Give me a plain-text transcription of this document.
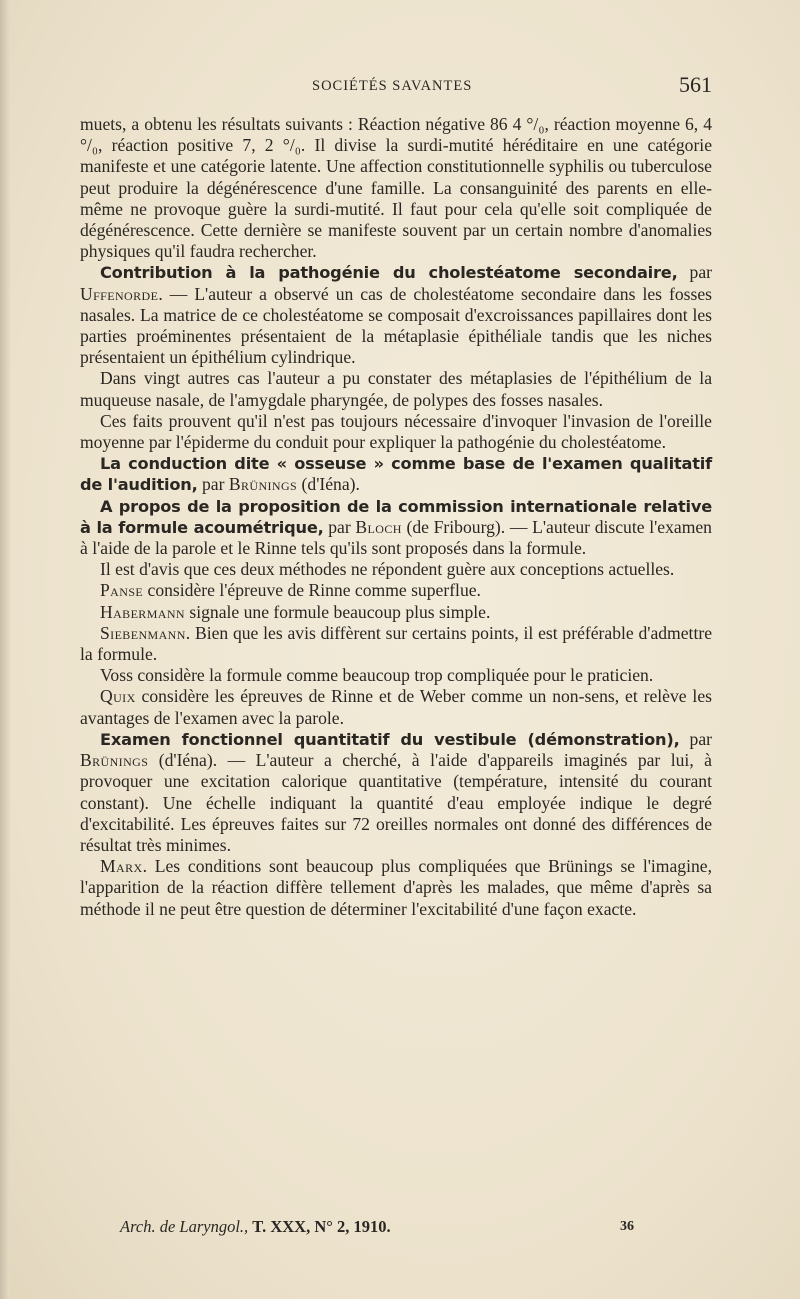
SOCIÉTÉS SAVANTES	561

muets, a obtenu les résultats suivants : Réaction négative 86 4 °/₀, réaction moyenne 6, 4 °/₀, réaction positive 7, 2 °/₀. Il divise la surdi-mutité héréditaire en une catégorie manifeste et une catégorie latente. Une affection constitutionnelle syphilis ou tuberculose peut produire la dégénérescence d'une famille. La consanguinité des parents en elle-même ne provoque guère la surdi-mutité. Il faut pour cela qu'elle soit compliquée de dégénérescence. Cette dernière se manifeste souvent par un certain nombre d'anomalies physiques qu'il faudra rechercher.

Contribution à la pathogénie du cholestéatome secondaire, par Uffenorde. — L'auteur a observé un cas de cholestéatome secondaire dans les fosses nasales. La matrice de ce cholestéatome se composait d'excroissances papillaires dont les parties proéminentes présentaient de la métaplasie épithéliale tandis que les niches présentaient un épithélium cylindrique.

Dans vingt autres cas l'auteur a pu constater des métaplasies de l'épithélium de la muqueuse nasale, de l'amygdale pharyngée, de polypes des fosses nasales.

Ces faits prouvent qu'il n'est pas toujours nécessaire d'invoquer l'invasion de l'oreille moyenne par l'épiderme du conduit pour expliquer la pathogénie du cholestéatome.

La conduction dite « osseuse » comme base de l'examen qualitatif de l'audition, par Brünings (d'Iéna).

A propos de la proposition de la commission internationale relative à la formule acoumétrique, par Bloch (de Fribourg). — L'auteur discute l'examen à l'aide de la parole et le Rinne tels qu'ils sont proposés dans la formule.

Il est d'avis que ces deux méthodes ne répondent guère aux conceptions actuelles.

Panse considère l'épreuve de Rinne comme superflue.

Habermann signale une formule beaucoup plus simple.

Siebenmann. Bien que les avis diffèrent sur certains points, il est préférable d'admettre la formule.

Voss considère la formule comme beaucoup trop compliquée pour le praticien.

Quix considère les épreuves de Rinne et de Weber comme un non-sens, et relève les avantages de l'examen avec la parole.

Examen fonctionnel quantitatif du vestibule (démonstration), par Brünings (d'Iéna). — L'auteur a cherché, à l'aide d'appareils imaginés par lui, à provoquer une excitation calorique quantitative (température, intensité du courant constant). Une échelle indiquant la quantité d'eau employée indique le degré d'excitabilité. Les épreuves faites sur 72 oreilles normales ont donné des différences de résultat très minimes.

Marx. Les conditions sont beaucoup plus compliquées que Brünings se l'imagine, l'apparition de la réaction diffère tellement d'après les malades, que même d'après sa méthode il ne peut être question de déterminer l'excitabilité d'une façon exacte.

Arch. de Laryngol., T. XXX, N° 2, 1910.	36
